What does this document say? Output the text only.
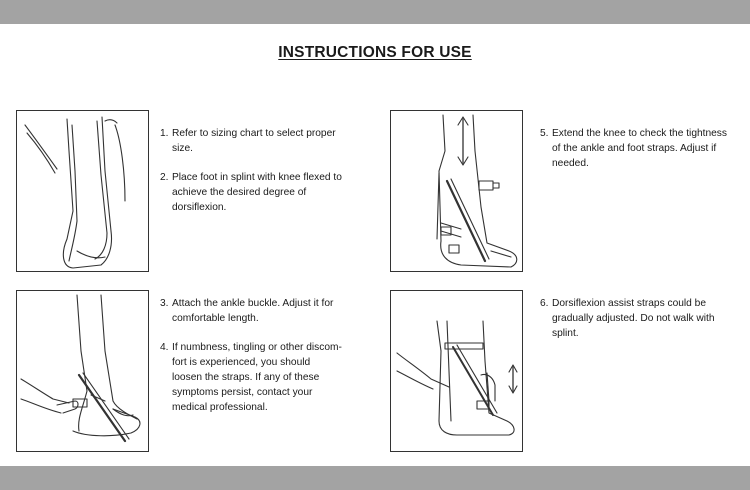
INSTRUCTIONS FOR USE
1. Refer to sizing chart to select proper
size.
2. Place foot in splint with knee flexed to
achieve the desired degree of
dorsiflexion.
5. Extend the knee to check the tightness
of the ankle and foot straps. Adjust if
needed.
3. Attach the ankle buckle. Adjust it for
comfortable length.
4. If numbness, tingling or other discom-
fort is experienced, you should
loosen the straps. If any of these
symptoms persist, contact your
medical professional.
6. Dorsiflexion assist straps could be
gradually adjusted. Do not walk with
splint.
